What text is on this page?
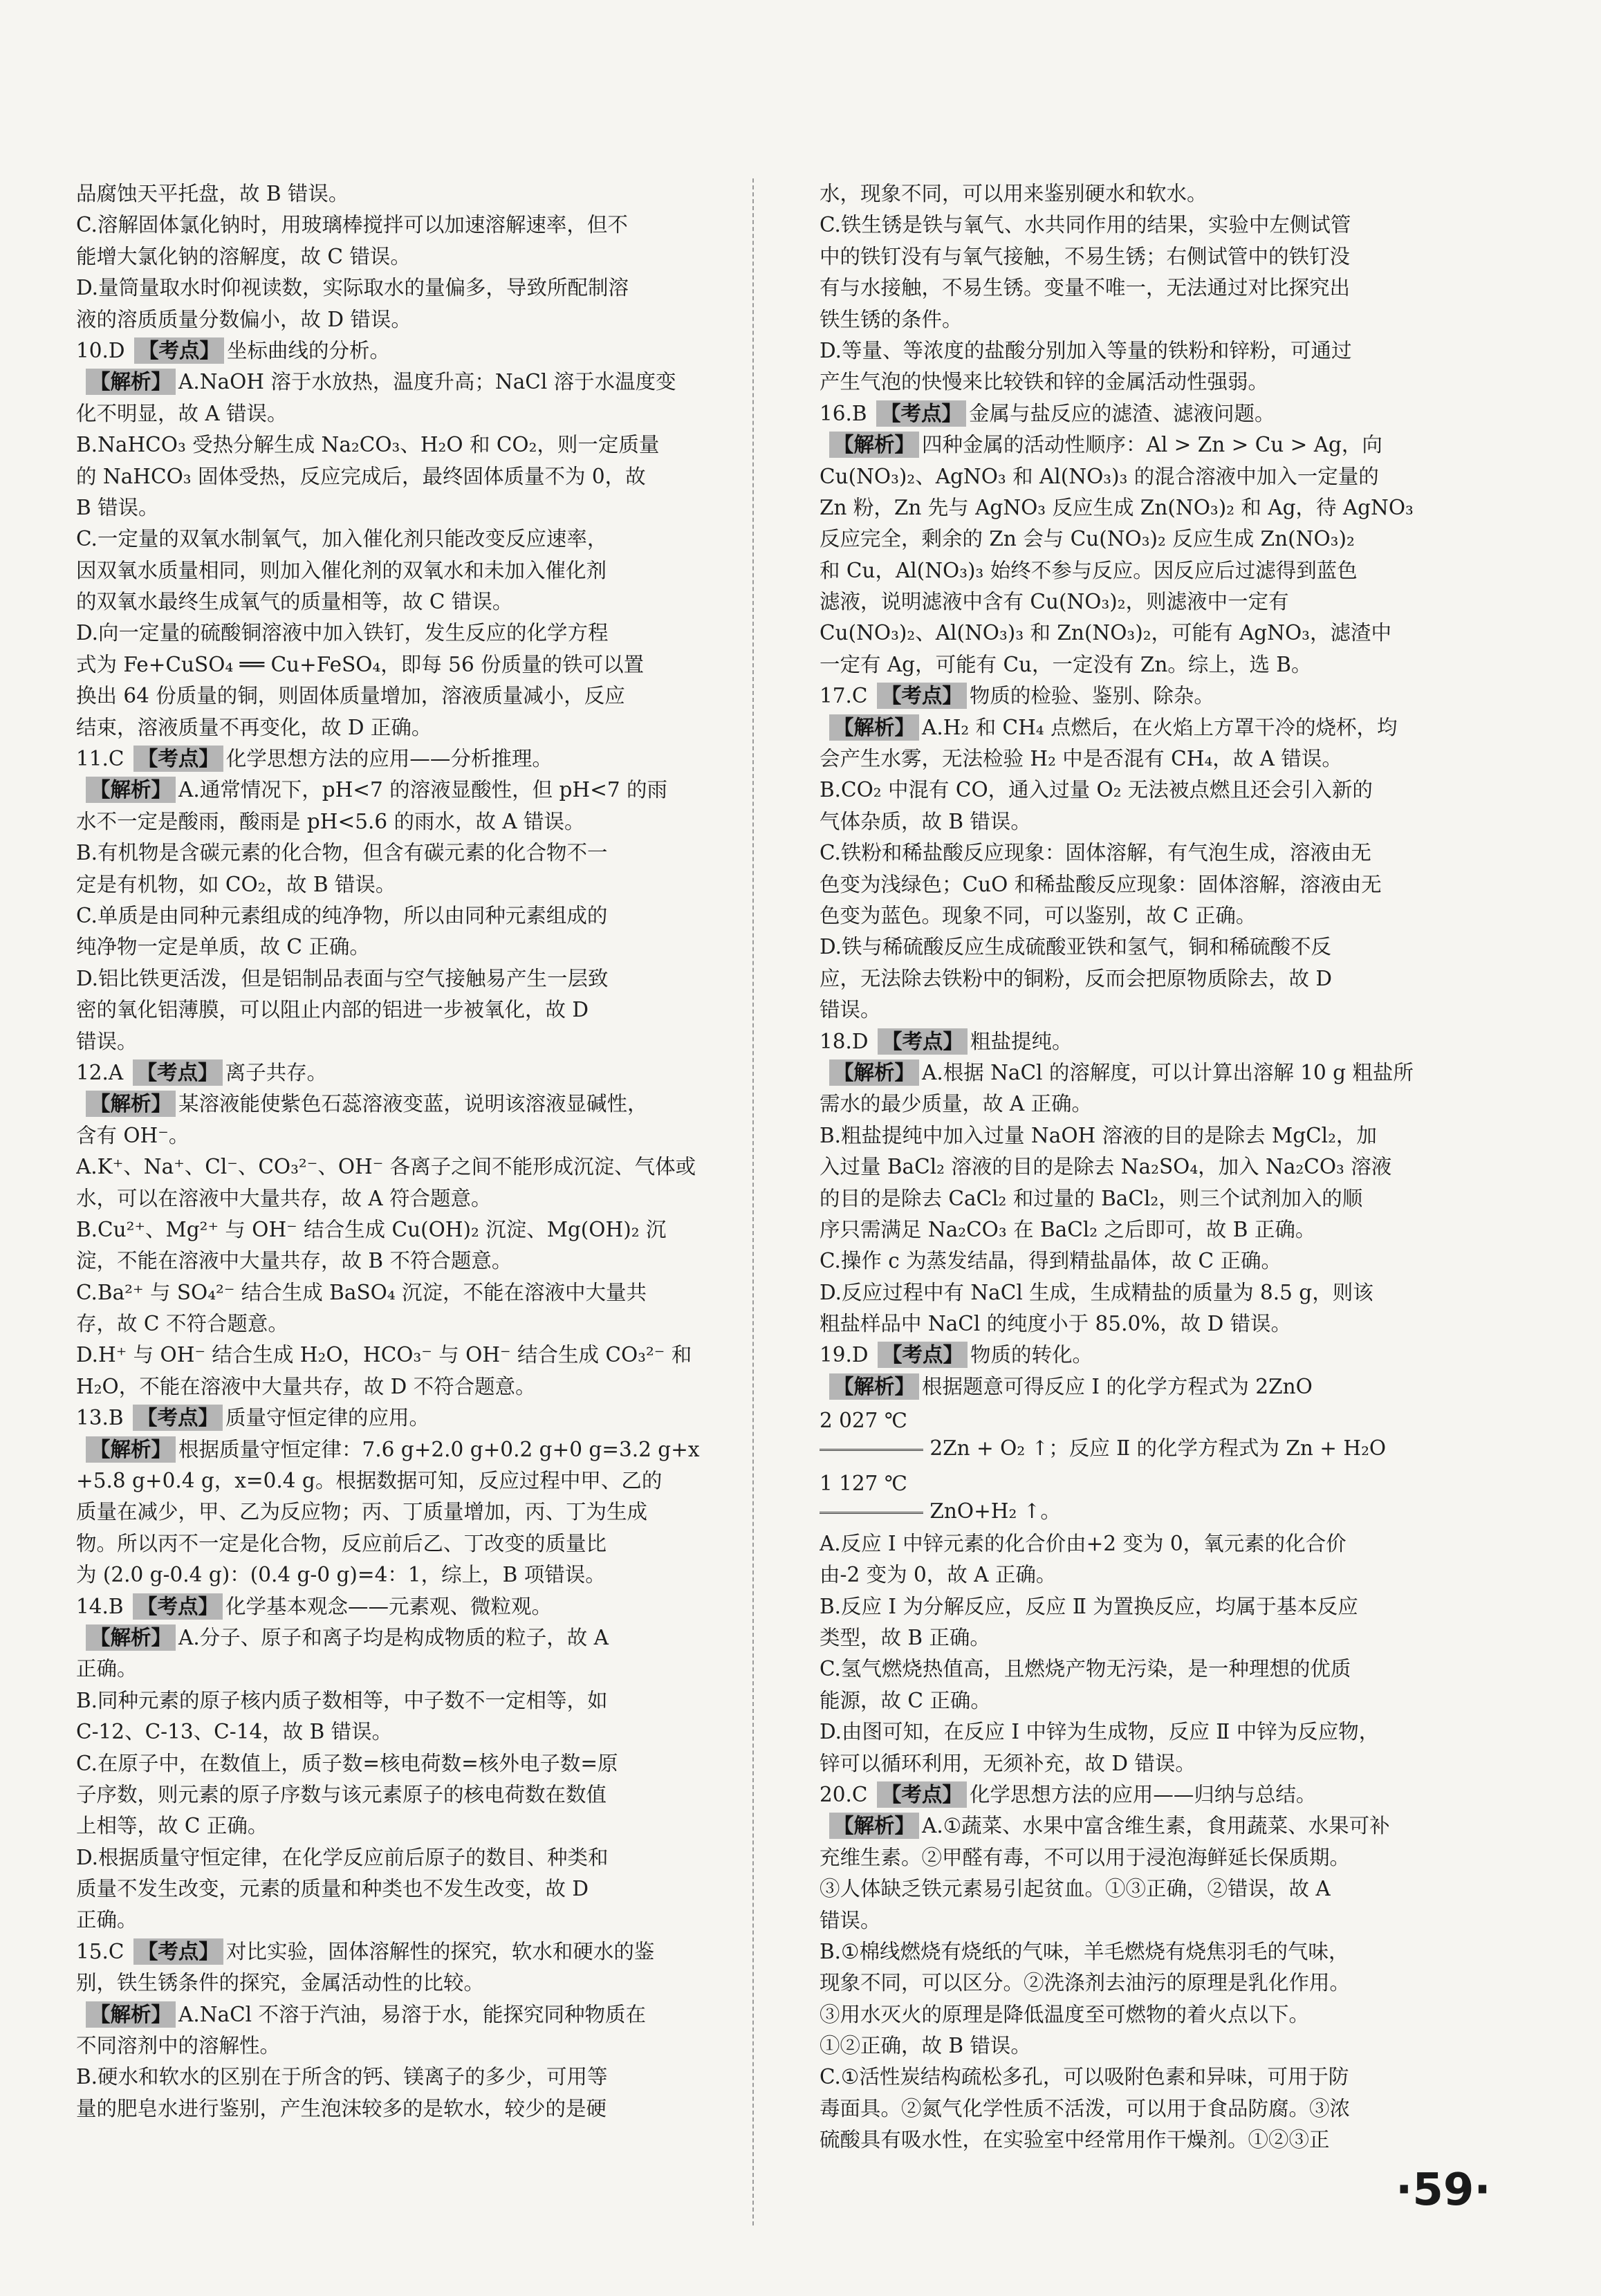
品腐蚀天平托盘，故 B 错误。
C.溶解固体氯化钠时，用玻璃棒搅拌可以加速溶解速率，但不
能增大氯化钠的溶解度，故 C 错误。
D.量筒量取水时仰视读数，实际取水的量偏多，导致所配制溶
液的溶质质量分数偏小，故 D 错误。
10.D 【考点】 坐标曲线的分析。
【解析】 A.NaOH 溶于水放热，温度升高；NaCl 溶于水温度变
化不明显，故 A 错误。
B.NaHCO₃ 受热分解生成 Na₂CO₃、H₂O 和 CO₂，则一定质量
的 NaHCO₃ 固体受热，反应完成后，最终固体质量不为 0，故
B 错误。
C.一定量的双氧水制氧气，加入催化剂只能改变反应速率，
因双氧水质量相同，则加入催化剂的双氧水和未加入催化剂
的双氧水最终生成氧气的质量相等，故 C 错误。
D.向一定量的硫酸铜溶液中加入铁钉，发生反应的化学方程
式为 Fe+CuSO₄ ══ Cu+FeSO₄，即每 56 份质量的铁可以置
换出 64 份质量的铜，则固体质量增加，溶液质量减小，反应
结束，溶液质量不再变化，故 D 正确。
11.C 【考点】 化学思想方法的应用——分析推理。
【解析】 A.通常情况下，pH<7 的溶液显酸性，但 pH<7 的雨
水不一定是酸雨，酸雨是 pH<5.6 的雨水，故 A 错误。
B.有机物是含碳元素的化合物，但含有碳元素的化合物不一
定是有机物，如 CO₂，故 B 错误。
C.单质是由同种元素组成的纯净物，所以由同种元素组成的
纯净物一定是单质，故 C 正确。
D.铝比铁更活泼，但是铝制品表面与空气接触易产生一层致
密的氧化铝薄膜，可以阻止内部的铝进一步被氧化，故 D
错误。
12.A 【考点】 离子共存。
【解析】 某溶液能使紫色石蕊溶液变蓝，说明该溶液显碱性，
含有 OH⁻。
A.K⁺、Na⁺、Cl⁻、CO₃²⁻、OH⁻ 各离子之间不能形成沉淀、气体或
水，可以在溶液中大量共存，故 A 符合题意。
B.Cu²⁺、Mg²⁺ 与 OH⁻ 结合生成 Cu(OH)₂ 沉淀、Mg(OH)₂ 沉
淀，不能在溶液中大量共存，故 B 不符合题意。
C.Ba²⁺ 与 SO₄²⁻ 结合生成 BaSO₄ 沉淀，不能在溶液中大量共
存，故 C 不符合题意。
D.H⁺ 与 OH⁻ 结合生成 H₂O，HCO₃⁻ 与 OH⁻ 结合生成 CO₃²⁻ 和
H₂O，不能在溶液中大量共存，故 D 不符合题意。
13.B 【考点】 质量守恒定律的应用。
【解析】 根据质量守恒定律：7.6 g+2.0 g+0.2 g+0 g=3.2 g+x
+5.8 g+0.4 g，x=0.4 g。根据数据可知，反应过程中甲、乙的
质量在减少，甲、乙为反应物；丙、丁质量增加，丙、丁为生成
物。所以丙不一定是化合物，反应前后乙、丁改变的质量比
为 (2.0 g-0.4 g)：(0.4 g-0 g)=4：1，综上，B 项错误。
14.B 【考点】 化学基本观念——元素观、微粒观。
【解析】 A.分子、原子和离子均是构成物质的粒子，故 A
正确。
B.同种元素的原子核内质子数相等，中子数不一定相等，如
C-12、C-13、C-14，故 B 错误。
C.在原子中，在数值上，质子数=核电荷数=核外电子数=原
子序数，则元素的原子序数与该元素原子的核电荷数在数值
上相等，故 C 正确。
D.根据质量守恒定律，在化学反应前后原子的数目、种类和
质量不发生改变，元素的质量和种类也不发生改变，故 D
正确。
15.C 【考点】 对比实验，固体溶解性的探究，软水和硬水的鉴
别，铁生锈条件的探究，金属活动性的比较。
【解析】 A.NaCl 不溶于汽油，易溶于水，能探究同种物质在
不同溶剂中的溶解性。
B.硬水和软水的区别在于所含的钙、镁离子的多少，可用等
量的肥皂水进行鉴别，产生泡沫较多的是软水，较少的是硬
水，现象不同，可以用来鉴别硬水和软水。
C.铁生锈是铁与氧气、水共同作用的结果，实验中左侧试管
中的铁钉没有与氧气接触，不易生锈；右侧试管中的铁钉没
有与水接触，不易生锈。变量不唯一，无法通过对比探究出
铁生锈的条件。
D.等量、等浓度的盐酸分别加入等量的铁粉和锌粉，可通过
产生气泡的快慢来比较铁和锌的金属活动性强弱。
16.B 【考点】 金属与盐反应的滤渣、滤液问题。
【解析】 四种金属的活动性顺序：Al > Zn > Cu > Ag，向
Cu(NO₃)₂、AgNO₃ 和 Al(NO₃)₃ 的混合溶液中加入一定量的
Zn 粉，Zn 先与 AgNO₃ 反应生成 Zn(NO₃)₂ 和 Ag，待 AgNO₃
反应完全，剩余的 Zn 会与 Cu(NO₃)₂ 反应生成 Zn(NO₃)₂
和 Cu，Al(NO₃)₃ 始终不参与反应。因反应后过滤得到蓝色
滤液，说明滤液中含有 Cu(NO₃)₂，则滤液中一定有
Cu(NO₃)₂、Al(NO₃)₃ 和 Zn(NO₃)₂，可能有 AgNO₃，滤渣中
一定有 Ag，可能有 Cu，一定没有 Zn。综上，选 B。
17.C 【考点】 物质的检验、鉴别、除杂。
【解析】 A.H₂ 和 CH₄ 点燃后，在火焰上方罩干冷的烧杯，均
会产生水雾，无法检验 H₂ 中是否混有 CH₄，故 A 错误。
B.CO₂ 中混有 CO，通入过量 O₂ 无法被点燃且还会引入新的
气体杂质，故 B 错误。
C.铁粉和稀盐酸反应现象：固体溶解，有气泡生成，溶液由无
色变为浅绿色；CuO 和稀盐酸反应现象：固体溶解，溶液由无
色变为蓝色。现象不同，可以鉴别，故 C 正确。
D.铁与稀硫酸反应生成硫酸亚铁和氢气，铜和稀硫酸不反
应，无法除去铁粉中的铜粉，反而会把原物质除去，故 D
错误。
18.D 【考点】 粗盐提纯。
【解析】 A.根据 NaCl 的溶解度，可以计算出溶解 10 g 粗盐所
需水的最少质量，故 A 正确。
B.粗盐提纯中加入过量 NaOH 溶液的目的是除去 MgCl₂，加
入过量 BaCl₂ 溶液的目的是除去 Na₂SO₄，加入 Na₂CO₃ 溶液
的目的是除去 CaCl₂ 和过量的 BaCl₂，则三个试剂加入的顺
序只需满足 Na₂CO₃ 在 BaCl₂ 之后即可，故 B 正确。
C.操作 c 为蒸发结晶，得到精盐晶体，故 C 正确。
D.反应过程中有 NaCl 生成，生成精盐的质量为 8.5 g，则该
粗盐样品中 NaCl 的纯度小于 85.0%，故 D 错误。
19.D 【考点】 物质的转化。
【解析】 根据题意可得反应 Ⅰ 的化学方程式为 2ZnO
2 027 ℃
2Zn + O₂ ↑；反应 Ⅱ 的化学方程式为 Zn + H₂O
1 127 ℃
ZnO+H₂ ↑。
A.反应 Ⅰ 中锌元素的化合价由+2 变为 0，氧元素的化合价
由-2 变为 0，故 A 正确。
B.反应 Ⅰ 为分解反应，反应 Ⅱ 为置换反应，均属于基本反应
类型，故 B 正确。
C.氢气燃烧热值高，且燃烧产物无污染，是一种理想的优质
能源，故 C 正确。
D.由图可知，在反应 Ⅰ 中锌为生成物，反应 Ⅱ 中锌为反应物，
锌可以循环利用，无须补充，故 D 错误。
20.C 【考点】 化学思想方法的应用——归纳与总结。
【解析】 A.①蔬菜、水果中富含维生素，食用蔬菜、水果可补
充维生素。②甲醛有毒，不可以用于浸泡海鲜延长保质期。
③人体缺乏铁元素易引起贫血。①③正确，②错误，故 A
错误。
B.①棉线燃烧有烧纸的气味，羊毛燃烧有烧焦羽毛的气味，
现象不同，可以区分。②洗涤剂去油污的原理是乳化作用。
③用水灭火的原理是降低温度至可燃物的着火点以下。
①②正确，故 B 错误。
C.①活性炭结构疏松多孔，可以吸附色素和异味，可用于防
毒面具。②氮气化学性质不活泼，可以用于食品防腐。③浓
硫酸具有吸水性，在实验室中经常用作干燥剂。①②③正
·59·
